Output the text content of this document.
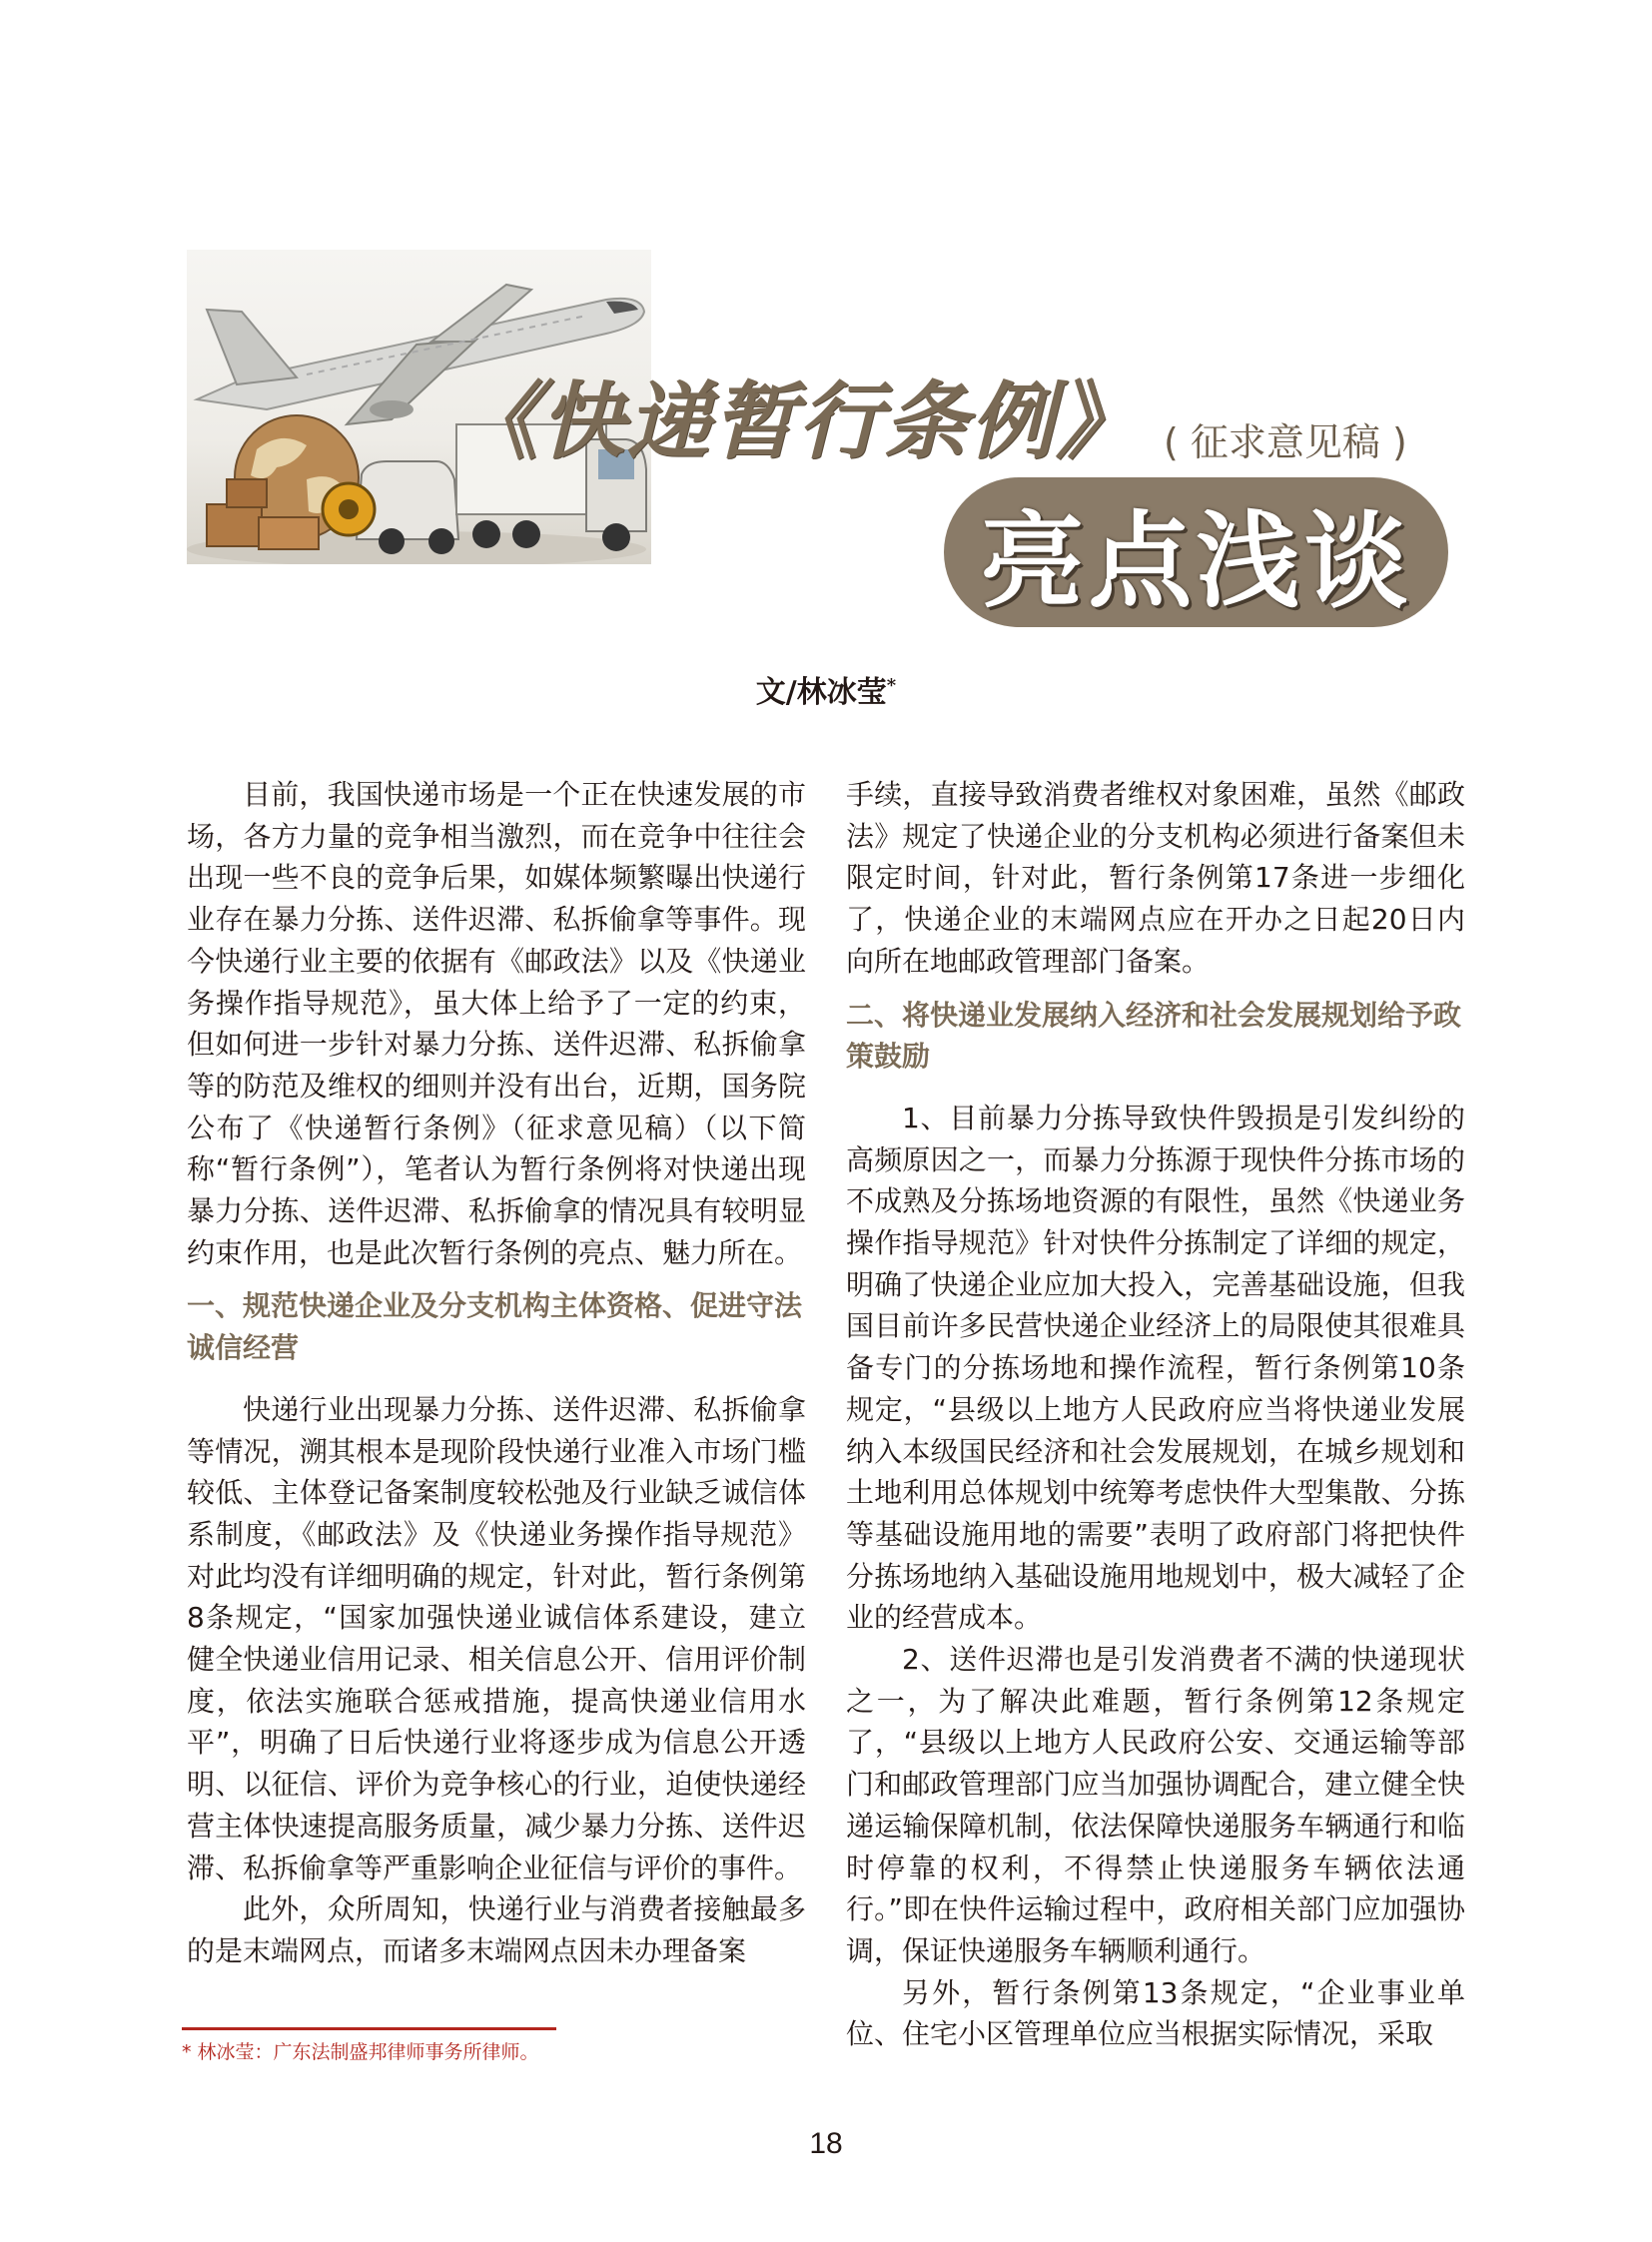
《快递暂行条例》 ( 征求意见稿 )
亮点浅谈
文/林冰莹*

目前，我国快递市场是一个正在快速发展的市场，各方力量的竞争相当激烈，而在竞争中往往会出现一些不良的竞争后果，如媒体频繁曝出快递行业存在暴力分拣、送件迟滞、私拆偷拿等事件。现今快递行业主要的依据有《邮政法》以及《快递业务操作指导规范》，虽大体上给予了一定的约束，但如何进一步针对暴力分拣、送件迟滞、私拆偷拿等的防范及维权的细则并没有出台，近期，国务院公布了《快递暂行条例》（征求意见稿）（以下简称“暂行条例”），笔者认为暂行条例将对快递出现暴力分拣、送件迟滞、私拆偷拿的情况具有较明显约束作用，也是此次暂行条例的亮点、魅力所在。

一、规范快递企业及分支机构主体资格、促进守法诚信经营

快递行业出现暴力分拣、送件迟滞、私拆偷拿等情况，溯其根本是现阶段快递行业准入市场门槛较低、主体登记备案制度较松弛及行业缺乏诚信体系制度，《邮政法》及《快递业务操作指导规范》对此均没有详细明确的规定，针对此，暂行条例第8条规定，“国家加强快递业诚信体系建设，建立健全快递业信用记录、相关信息公开、信用评价制度，依法实施联合惩戒措施，提高快递业信用水平”，明确了日后快递行业将逐步成为信息公开透明、以征信、评价为竞争核心的行业，迫使快递经营主体快速提高服务质量，减少暴力分拣、送件迟滞、私拆偷拿等严重影响企业征信与评价的事件。

此外，众所周知，快递行业与消费者接触最多的是末端网点，而诸多末端网点因未办理备案

手续，直接导致消费者维权对象困难，虽然《邮政法》规定了快递企业的分支机构必须进行备案但未限定时间，针对此，暂行条例第17条进一步细化了，快递企业的末端网点应在开办之日起20日内向所在地邮政管理部门备案。

二、将快递业发展纳入经济和社会发展规划给予政策鼓励

1、目前暴力分拣导致快件毁损是引发纠纷的高频原因之一，而暴力分拣源于现快件分拣市场的不成熟及分拣场地资源的有限性，虽然《快递业务操作指导规范》针对快件分拣制定了详细的规定，明确了快递企业应加大投入，完善基础设施，但我国目前许多民营快递企业经济上的局限使其很难具备专门的分拣场地和操作流程，暂行条例第10条规定，“县级以上地方人民政府应当将快递业发展纳入本级国民经济和社会发展规划，在城乡规划和土地利用总体规划中统筹考虑快件大型集散、分拣等基础设施用地的需要”表明了政府部门将把快件分拣场地纳入基础设施用地规划中，极大减轻了企业的经营成本。

2、送件迟滞也是引发消费者不满的快递现状之一，为了解决此难题，暂行条例第12条规定了，“县级以上地方人民政府公安、交通运输等部门和邮政管理部门应当加强协调配合，建立健全快递运输保障机制，依法保障快递服务车辆通行和临时停靠的权利，不得禁止快递服务车辆依法通行。”即在快件运输过程中，政府相关部门应加强协调，保证快递服务车辆顺利通行。

另外，暂行条例第13条规定，“企业事业单位、住宅小区管理单位应当根据实际情况，采取

* 林冰莹：广东法制盛邦律师事务所律师。
18
